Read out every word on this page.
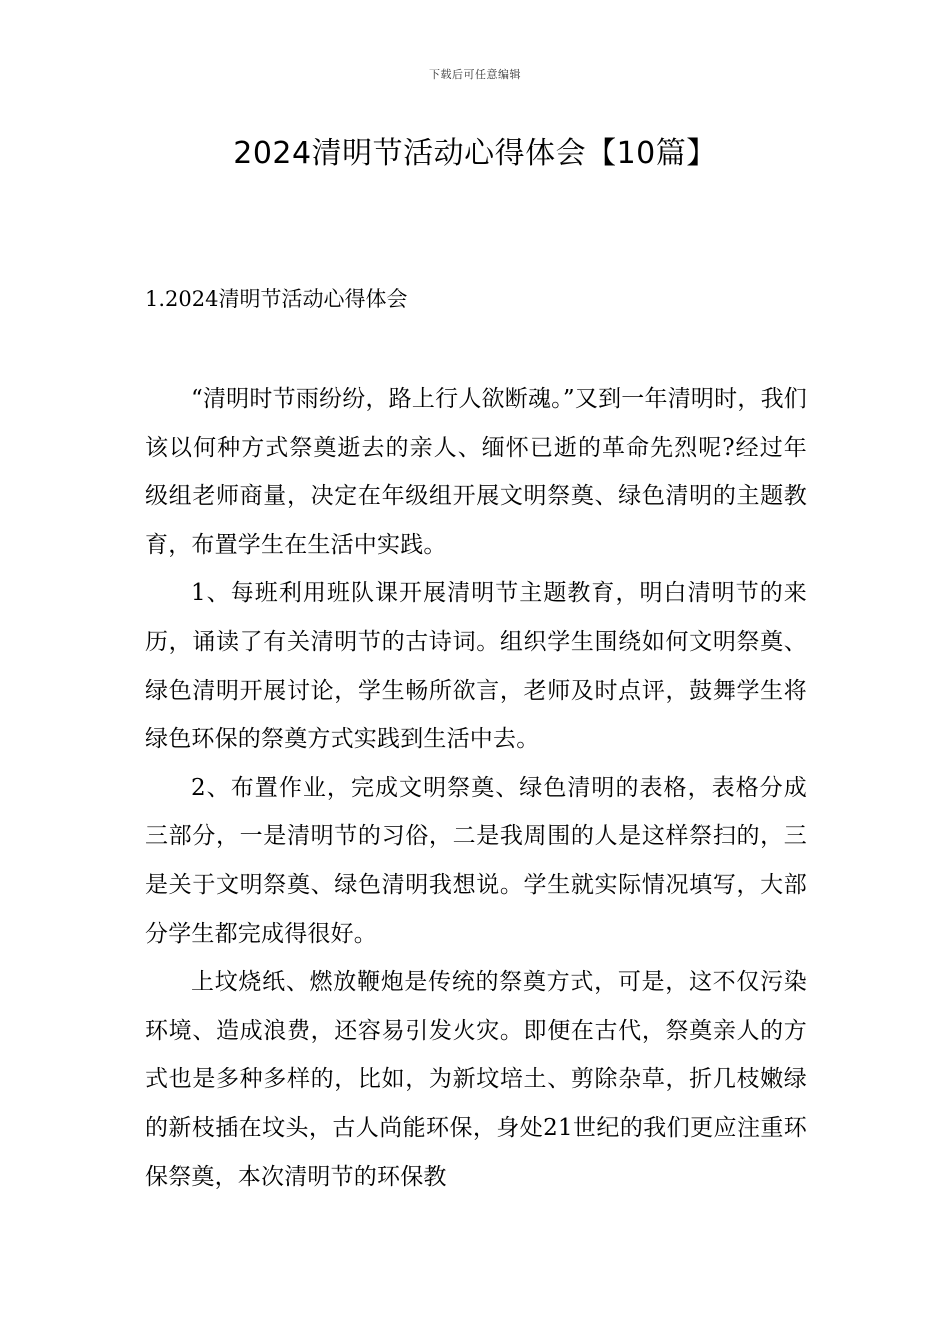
下载后可任意编辑
2024清明节活动心得体会【10篇】
1.2024清明节活动心得体会

“清明时节雨纷纷，路上行人欲断魂。”又到一年清明时，我们该以何种方式祭奠逝去的亲人、缅怀已逝的革命先烈呢?经过年级组老师商量，决定在年级组开展文明祭奠、绿色清明的主题教育，布置学生在生活中实践。

1、每班利用班队课开展清明节主题教育，明白清明节的来历，诵读了有关清明节的古诗词。组织学生围绕如何文明祭奠、绿色清明开展讨论，学生畅所欲言，老师及时点评，鼓舞学生将绿色环保的祭奠方式实践到生活中去。

2、布置作业，完成文明祭奠、绿色清明的表格，表格分成三部分，一是清明节的习俗，二是我周围的人是这样祭扫的，三是关于文明祭奠、绿色清明我想说。学生就实际情况填写，大部分学生都完成得很好。

上坟烧纸、燃放鞭炮是传统的祭奠方式，可是，这不仅污染环境、造成浪费，还容易引发火灾。即便在古代，祭奠亲人的方式也是多种多样的，比如，为新坟培土、剪除杂草，折几枝嫩绿的新枝插在坟头，古人尚能环保，身处21世纪的我们更应注重环保祭奠，本次清明节的环保教
